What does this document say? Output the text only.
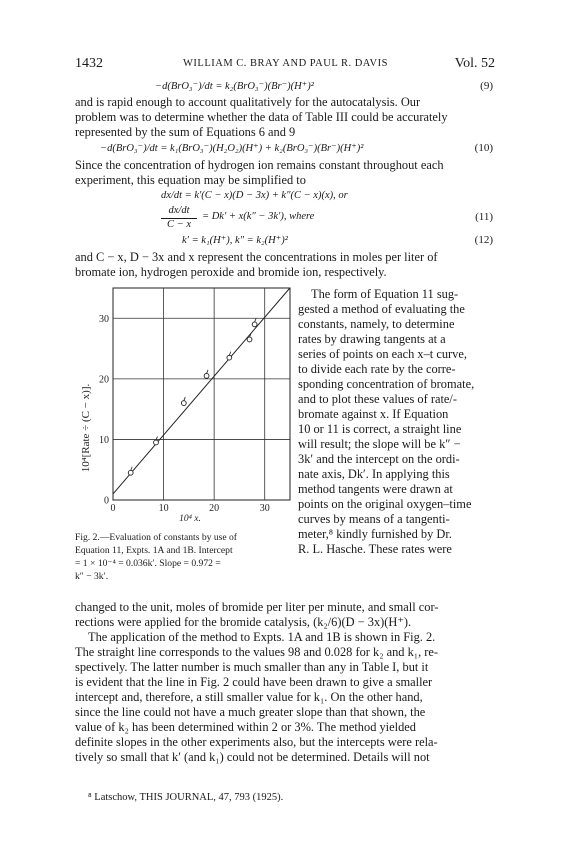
1432	WILLIAM C. BRAY AND PAUL R. DAVIS	Vol. 52
−d(BrO₃⁻)/dt = k₂(BrO₃⁻)(Br⁻)(H⁺)²	(9)
and is rapid enough to account qualitatively for the autocatalysis. Our
problem was to determine whether the data of Table III could be accurately
represented by the sum of Equations 6 and 9
−d(BrO₃⁻)/dt = k₁(BrO₃⁻)(H₂O₂)(H⁺) + k₂(BrO₃⁻)(Br⁻)(H⁺)²	(10)
Since the concentration of hydrogen ion remains constant throughout each
experiment, this equation may be simplified to
dx/dt = k′(C − x)(D − 3x) + k″(C − x)(x), or
dx/dt
C − x
= Dk′ + x(k″ − 3k′), where	(11)
k′ = k₁(H⁺), k″ = k₂(H⁺)²	(12)
and C − x, D − 3x and x represent the concentrations in moles per liter of
bromate ion, hydrogen peroxide and bromide ion, respectively.
0	10	20	30
0
10
20
30
10⁴[Rate ÷ (C − x)].
10⁴ x.
Fig. 2.—Evaluation of constants by use of
Equation 11, Expts. 1A and 1B. Intercept
= 1 × 10⁻⁴ = 0.036k′. Slope = 0.972 =
k″ − 3k′.
The form of Equation 11 sug-
gested a method of evaluating the
constants, namely, to determine
rates by drawing tangents at a
series of points on each x–t curve,
to divide each rate by the corre-
sponding concentration of bromate,
and to plot these values of rate/-
bromate against x. If Equation
10 or 11 is correct, a straight line
will result; the slope will be k″ −
3k′ and the intercept on the ordi-
nate axis, Dk′. In applying this
method tangents were drawn at
points on the original oxygen–time
curves by means of a tangenti-
meter,⁸ kindly furnished by Dr.
R. L. Hasche. These rates were
changed to the unit, moles of bromide per liter per minute, and small cor-
rections were applied for the bromide catalysis, (k₂/6)(D − 3x)(H⁺).
The application of the method to Expts. 1A and 1B is shown in Fig. 2.
The straight line corresponds to the values 98 and 0.028 for k₂ and k₁, re-
spectively. The latter number is much smaller than any in Table I, but it
is evident that the line in Fig. 2 could have been drawn to give a smaller
intercept and, therefore, a still smaller value for k₁. On the other hand,
since the line could not have a much greater slope than that shown, the
value of k₂ has been determined within 2 or 3%. The method yielded
definite slopes in the other experiments also, but the intercepts were rela-
tively so small that k′ (and k₁) could not be determined. Details will not
⁸ Latschow, THIS JOURNAL, 47, 793 (1925).
